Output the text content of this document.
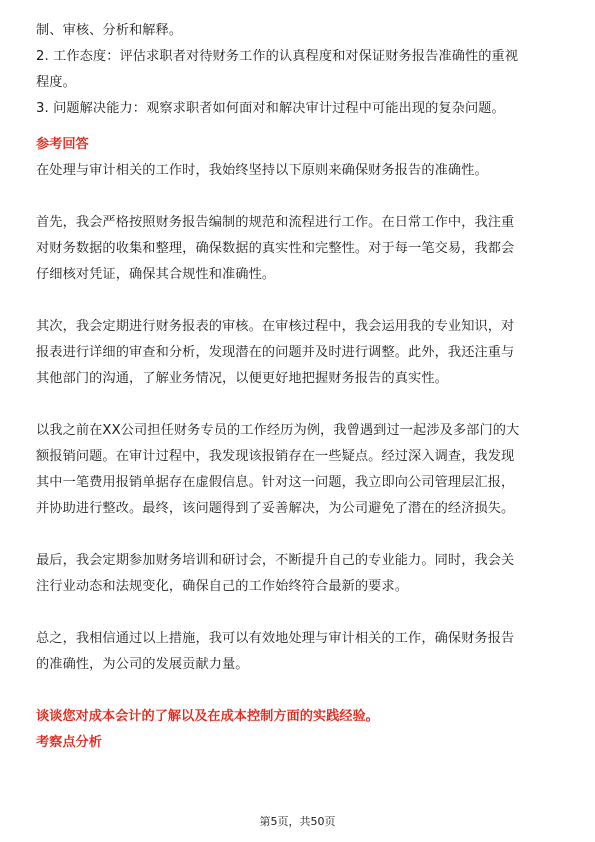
制、审核、分析和解释。
2. 工作态度：评估求职者对待财务工作的认真程度和对保证财务报告准确性的重视
程度。
3. 问题解决能力：观察求职者如何面对和解决审计过程中可能出现的复杂问题。
参考回答
在处理与审计相关的工作时，我始终坚持以下原则来确保财务报告的准确性。
首先，我会严格按照财务报告编制的规范和流程进行工作。在日常工作中，我注重
对财务数据的收集和整理，确保数据的真实性和完整性。对于每一笔交易，我都会
仔细核对凭证，确保其合规性和准确性。
其次，我会定期进行财务报表的审核。在审核过程中，我会运用我的专业知识，对
报表进行详细的审查和分析，发现潜在的问题并及时进行调整。此外，我还注重与
其他部门的沟通，了解业务情况，以便更好地把握财务报告的真实性。
以我之前在XX公司担任财务专员的工作经历为例，我曾遇到过一起涉及多部门的大
额报销问题。在审计过程中，我发现该报销存在一些疑点。经过深入调查，我发现
其中一笔费用报销单据存在虚假信息。针对这一问题，我立即向公司管理层汇报，
并协助进行整改。最终，该问题得到了妥善解决，为公司避免了潜在的经济损失。
最后，我会定期参加财务培训和研讨会，不断提升自己的专业能力。同时，我会关
注行业动态和法规变化，确保自己的工作始终符合最新的要求。
总之，我相信通过以上措施，我可以有效地处理与审计相关的工作，确保财务报告
的准确性，为公司的发展贡献力量。
谈谈您对成本会计的了解以及在成本控制方面的实践经验。
考察点分析
第5页，共50页
